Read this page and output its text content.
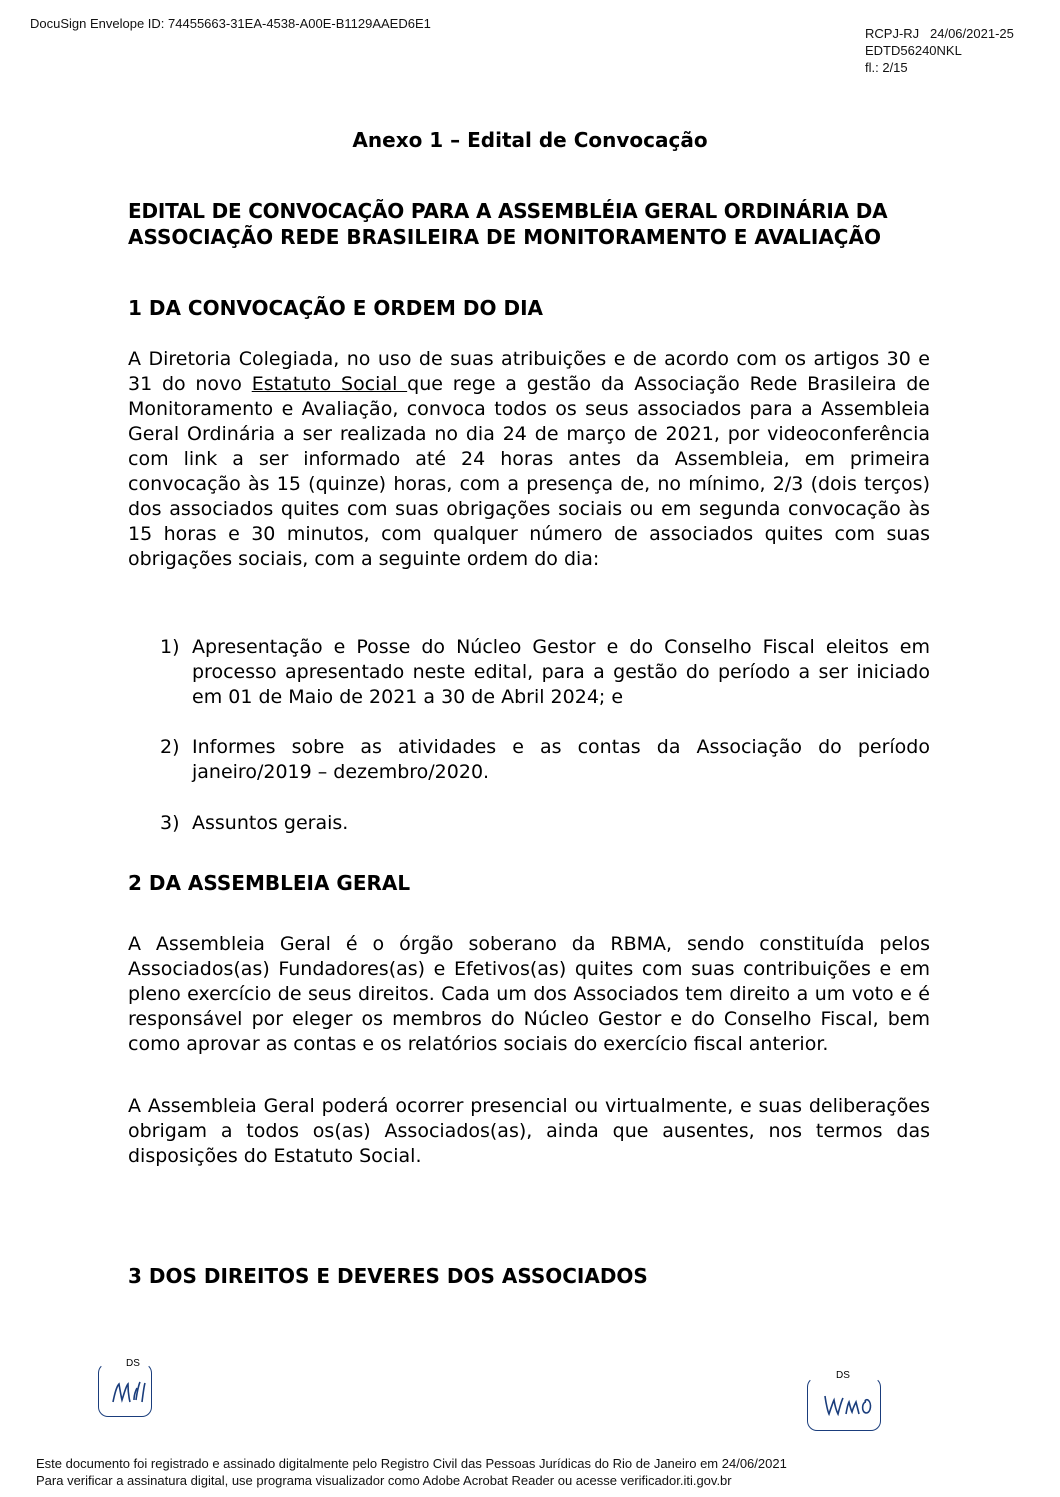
DocuSign Envelope ID: 74455663-31EA-4538-A00E-B1129AAED6E1
RCPJ-RJ   24/06/2021-25
EDTD56240NKL
fl.: 2/15
Anexo 1 – Edital de Convocação
EDITAL DE CONVOCAÇÃO PARA A ASSEMBLÉIA GERAL ORDINÁRIA DA
ASSOCIAÇÃO REDE BRASILEIRA DE MONITORAMENTO E AVALIAÇÃO
1 DA CONVOCAÇÃO E ORDEM DO DIA
A Diretoria Colegiada, no uso de suas atribuições e de acordo com os artigos 30 e 31 do novo Estatuto Social que rege a gestão da Associação Rede Brasileira de Monitoramento e Avaliação, convoca todos os seus associados para a Assembleia Geral Ordinária a ser realizada no dia 24 de março de 2021, por videoconferência com link a ser informado até 24 horas antes da Assembleia, em primeira convocação às 15 (quinze) horas, com a presença de, no mínimo, 2/3 (dois terços) dos associados quites com suas obrigações sociais ou em segunda convocação às 15 horas e 30 minutos, com qualquer número de associados quites com suas obrigações sociais, com a seguinte ordem do dia:
1) Apresentação e Posse do Núcleo Gestor e do Conselho Fiscal eleitos em processo apresentado neste edital, para a gestão do período a ser iniciado em 01 de Maio de 2021 a 30 de Abril 2024; e
2) Informes sobre as atividades e as contas da Associação do período janeiro/2019 – dezembro/2020.
3) Assuntos gerais.
2 DA ASSEMBLEIA GERAL
A Assembleia Geral é o órgão soberano da RBMA, sendo constituída pelos Associados(as) Fundadores(as) e Efetivos(as) quites com suas contribuições e em pleno exercício de seus direitos. Cada um dos Associados tem direito a um voto e é responsável por eleger os membros do Núcleo Gestor e do Conselho Fiscal, bem como aprovar as contas e os relatórios sociais do exercício fiscal anterior.
A Assembleia Geral poderá ocorrer presencial ou virtualmente, e suas deliberações obrigam a todos os(as) Associados(as), ainda que ausentes, nos termos das disposições do Estatuto Social.
3 DOS DIREITOS E DEVERES DOS ASSOCIADOS
DS
DS
Este documento foi registrado e assinado digitalmente pelo Registro Civil das Pessoas Jurídicas do Rio de Janeiro em 24/06/2021
Para verificar a assinatura digital, use programa visualizador como Adobe Acrobat Reader ou acesse verificador.iti.gov.br
